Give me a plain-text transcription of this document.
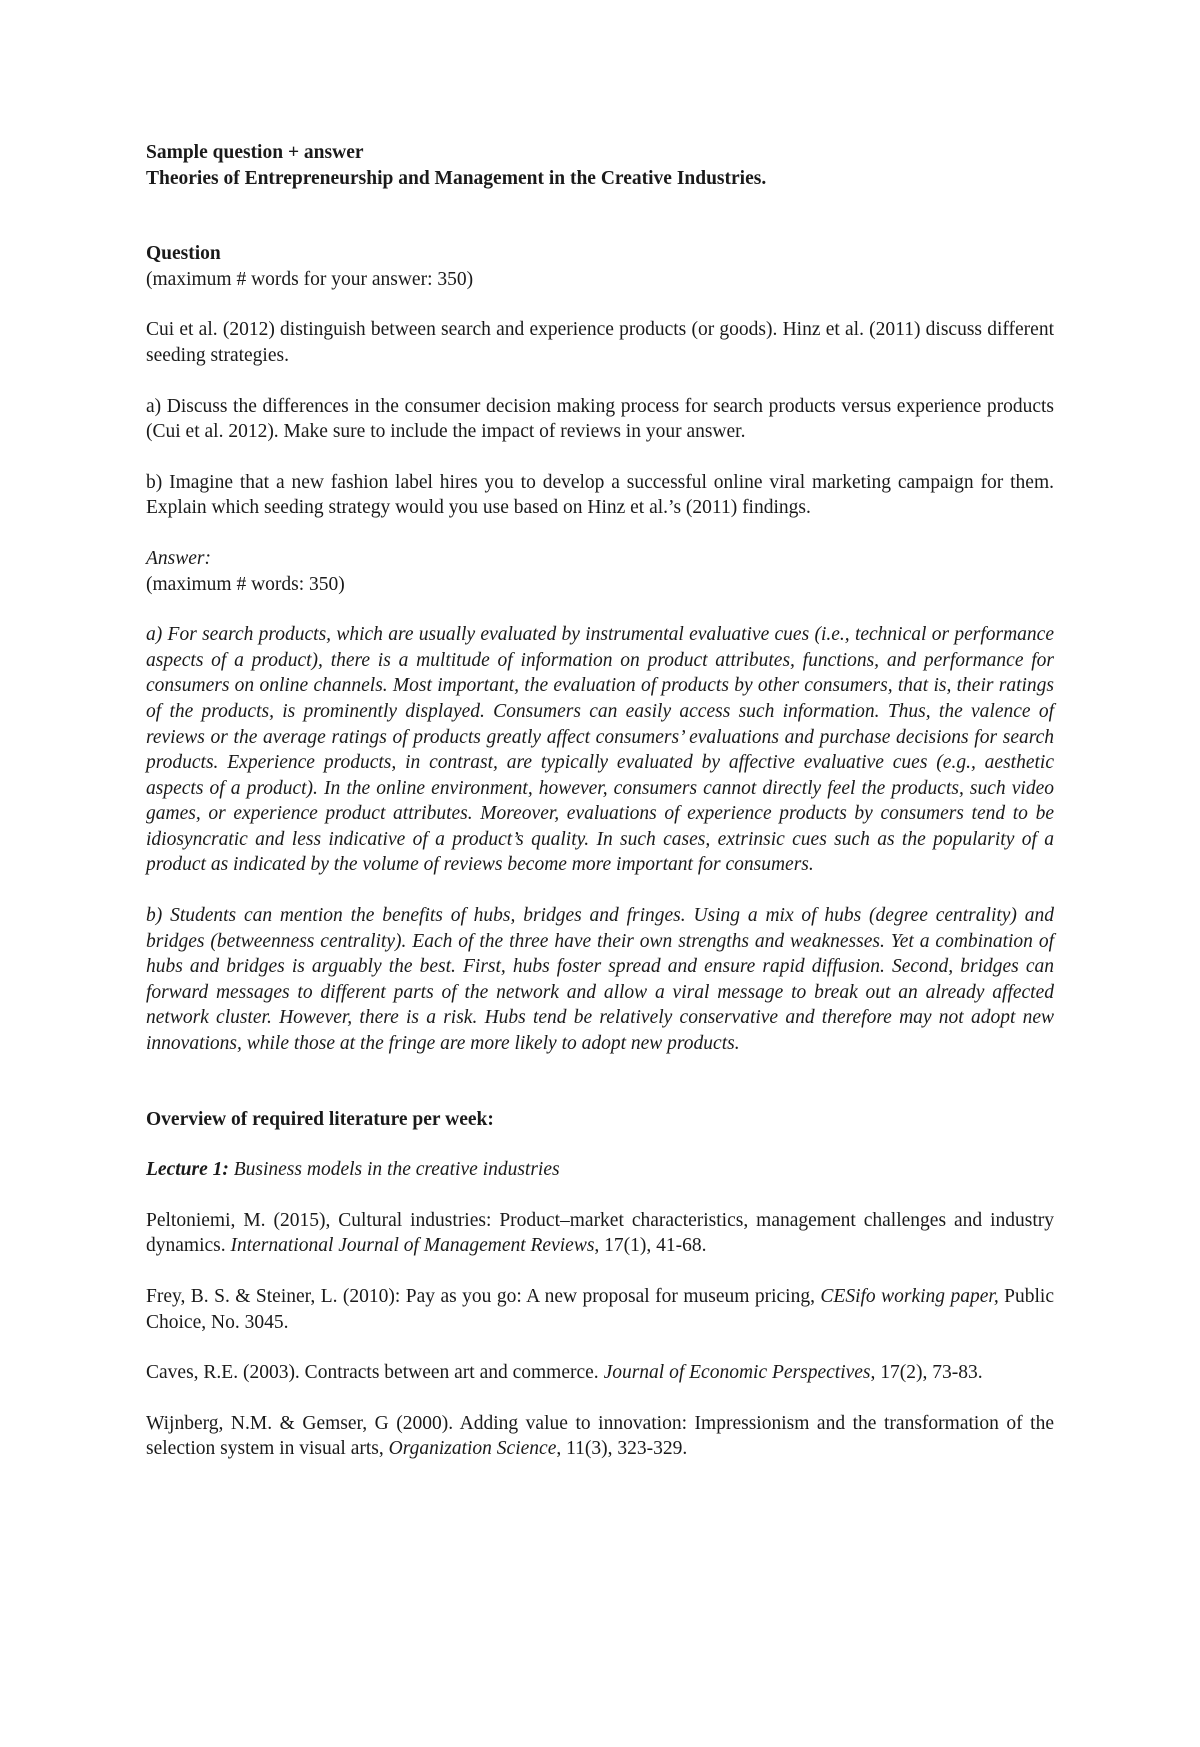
Sample question + answer

Theories of Entrepreneurship and Management in the Creative Industries.

Question

(maximum # words for your answer: 350)

Cui et al. (2012) distinguish between search and experience products (or goods). Hinz et al. (2011) discuss different seeding strategies.

a) Discuss the differences in the consumer decision making process for search products versus experience products (Cui et al. 2012). Make sure to include the impact of reviews in your answer.

b) Imagine that a new fashion label hires you to develop a successful online viral marketing campaign for them. Explain which seeding strategy would you use based on Hinz et al.’s (2011) findings.

Answer:

(maximum # words: 350)

a) For search products, which are usually evaluated by instrumental evaluative cues (i.e., technical or performance aspects of a product), there is a multitude of information on product attributes, functions, and performance for consumers on online channels. Most important, the evaluation of products by other consumers, that is, their ratings of the products, is prominently displayed. Consumers can easily access such information. Thus, the valence of reviews or the average ratings of products greatly affect consumers’ evaluations and purchase decisions for search products. Experience products, in contrast, are typically evaluated by affective evaluative cues (e.g., aesthetic aspects of a product). In the online environment, however, consumers cannot directly feel the products, such video games, or experience product attributes. Moreover, evaluations of experience products by consumers tend to be idiosyncratic and less indicative of a product’s quality. In such cases, extrinsic cues such as the popularity of a product as indicated by the volume of reviews become more important for consumers.

b) Students can mention the benefits of hubs, bridges and fringes. Using a mix of hubs (degree centrality) and bridges (betweenness centrality). Each of the three have their own strengths and weaknesses. Yet a combination of hubs and bridges is arguably the best. First, hubs foster spread and ensure rapid diffusion. Second, bridges can forward messages to different parts of the network and allow a viral message to break out an already affected network cluster. However, there is a risk. Hubs tend be relatively conservative and therefore may not adopt new innovations, while those at the fringe are more likely to adopt new products.

Overview of required literature per week:

Lecture 1: Business models in the creative industries

Peltoniemi, M. (2015), Cultural industries: Product–market characteristics, management challenges and industry dynamics. International Journal of Management Reviews, 17(1), 41-68.

Frey, B. S. & Steiner, L. (2010): Pay as you go: A new proposal for museum pricing, CESifo working paper, Public Choice, No. 3045.

Caves, R.E. (2003). Contracts between art and commerce. Journal of Economic Perspectives, 17(2), 73-83.

Wijnberg, N.M. & Gemser, G (2000). Adding value to innovation: Impressionism and the transformation of the selection system in visual arts, Organization Science, 11(3), 323-329.
